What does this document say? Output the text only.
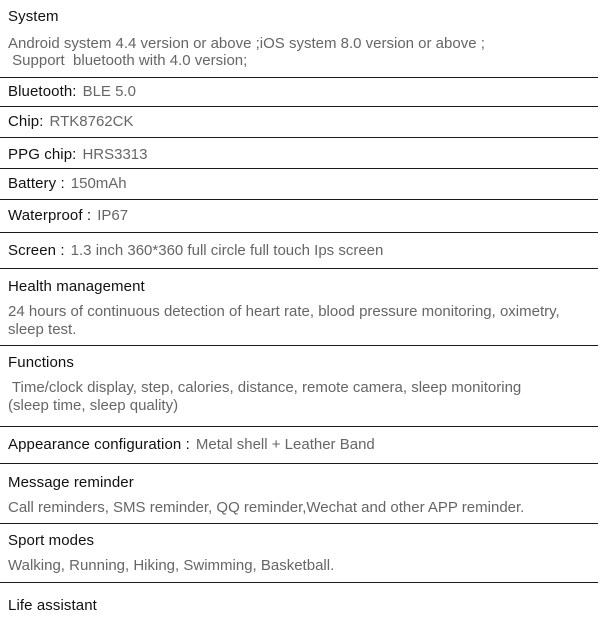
System
Android system 4.4 version or above ;iOS system 8.0 version or above ;
Support  bluetooth with 4.0 version;
Bluetooth: BLE 5.0
Chip: RTK8762CK
PPG chip: HRS3313
Battery : 150mAh
Waterproof : IP67
Screen : 1.3 inch 360*360 full circle full touch Ips screen
Health management
24 hours of continuous detection of heart rate, blood pressure monitoring, oximetry,
sleep test.
Functions
Time/clock display, step, calories, distance, remote camera, sleep monitoring
(sleep time, sleep quality)
Appearance configuration : Metal shell + Leather Band
Message reminder
Call reminders, SMS reminder, QQ reminder,Wechat and other APP reminder.
Sport modes
Walking, Running, Hiking, Swimming, Basketball.
Life assistant
